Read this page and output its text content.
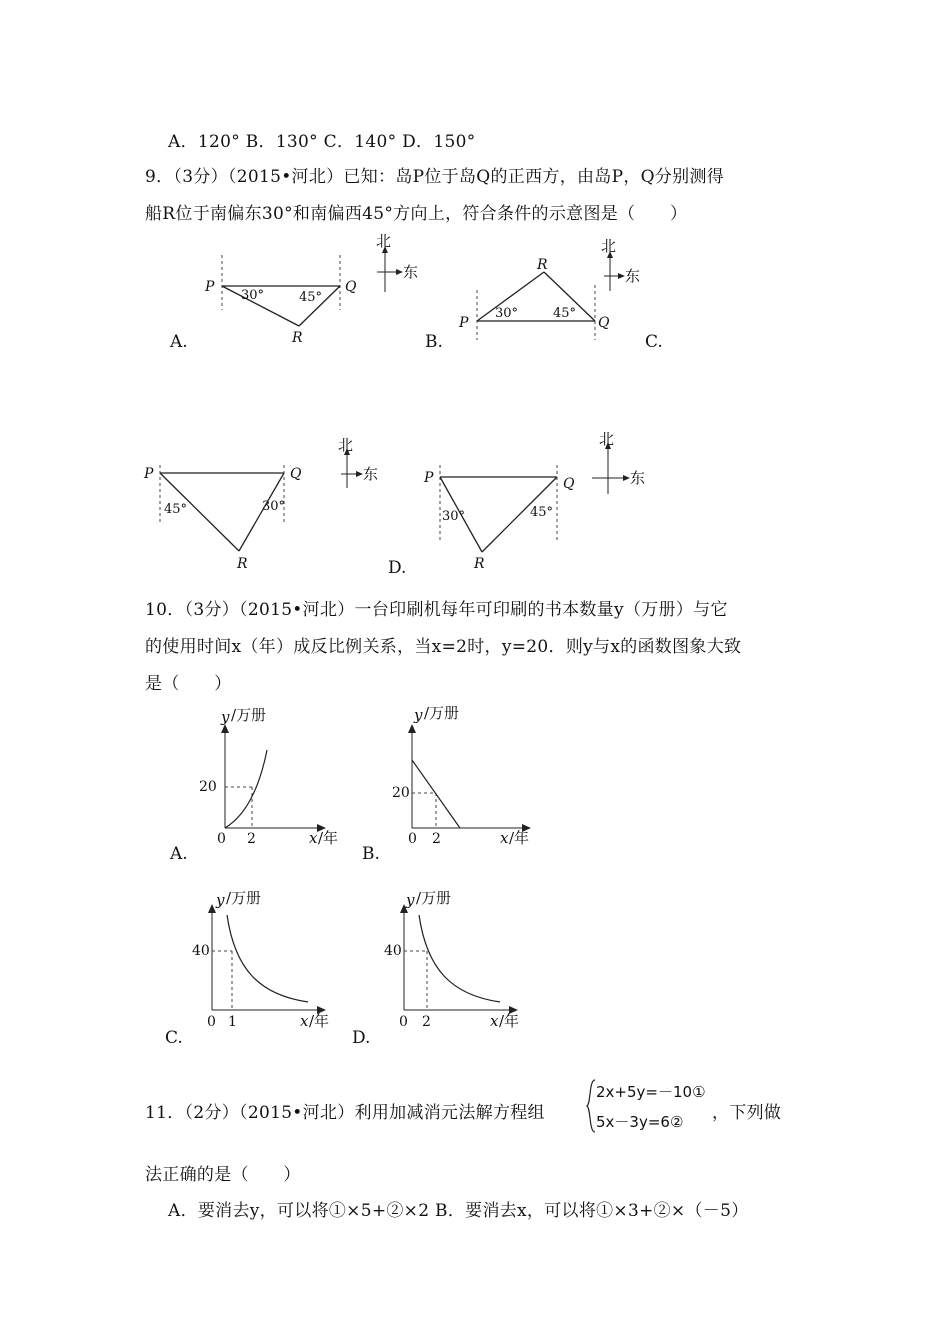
A．120° B．130° C．140° D．150°
9．（3分）（2015•河北）已知：岛P位于岛Q的正西方，由岛P，Q分别测得
船R位于南偏东30°和南偏西45°方向上，符合条件的示意图是（　　）
P	Q
R
30°	45°
北
东
A.
P	Q
R
30°	45°
北
东
B.	C.
P	Q
R
45°	30°
北
东	P	Q
R
30°	45°
北
东
D.
10．（3分）（2015•河北）一台印刷机每年可印刷的书本数量y（万册）与它
的使用时间x（年）成反比例关系，当x=2时，y=20．则y与x的函数图象大致
是（　　）
y /万册
20
0 2	x /年
A.
y /万册
20
0 2	x /年
B.
y /万册
40
0 1	x /年
C.
y /万册
40
0 2	x /年
D.
11．（2分）（2015•河北）利用加减消元法解方程组
2x+5y=－10①
5x－3y=6② ，下列做
法正确的是（　　）
A．要消去y，可以将①×5+②×2 B．要消去x，可以将①×3+②×（－5）
